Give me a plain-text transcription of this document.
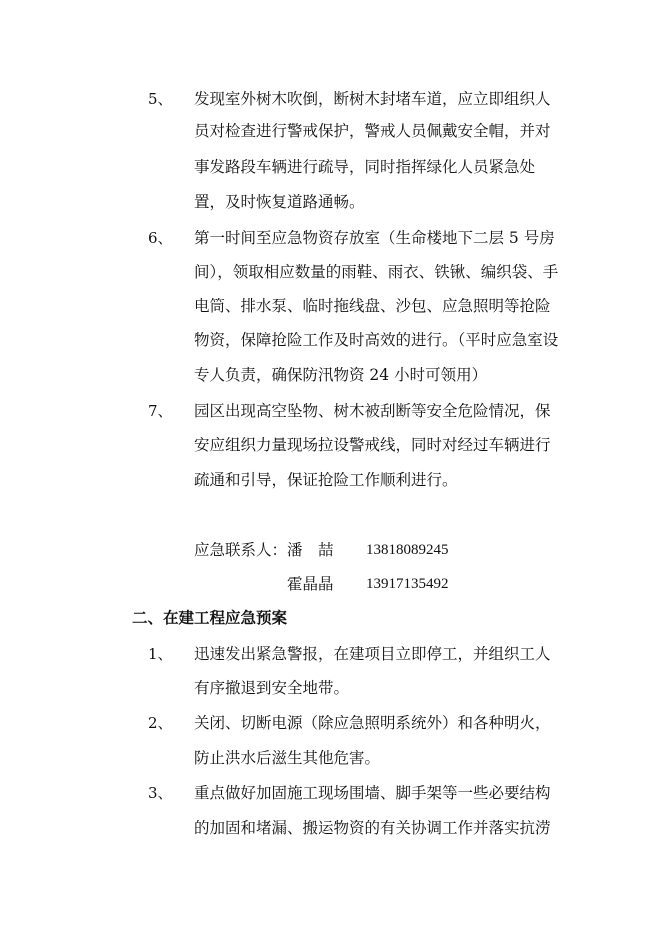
5、 发现室外树木吹倒，断树木封堵车道，应立即组织人
员对检查进行警戒保护，警戒人员佩戴安全帽，并对
事发路段车辆进行疏导，同时指挥绿化人员紧急处
置，及时恢复道路通畅。
6、 第一时间至应急物资存放室（生命楼地下二层 5 号房
间），领取相应数量的雨鞋、雨衣、铁锹、编织袋、手
电筒、排水泵、临时拖线盘、沙包、应急照明等抢险
物资，保障抢险工作及时高效的进行。（平时应急室设
专人负责，确保防汛物资 24 小时可领用）
7、 园区出现高空坠物、树木被刮断等安全危险情况，保
安应组织力量现场拉设警戒线，同时对经过车辆进行
疏通和引导，保证抢险工作顺利进行。
应急联系人： 潘　喆 13818089245
霍晶晶 13917135492
二、在建工程应急预案
1、 迅速发出紧急警报，在建项目立即停工，并组织工人
有序撤退到安全地带。
2、 关闭、切断电源（除应急照明系统外）和各种明火，
防止洪水后滋生其他危害。
3、 重点做好加固施工现场围墙、脚手架等一些必要结构
的加固和堵漏、搬运物资的有关协调工作并落实抗涝
